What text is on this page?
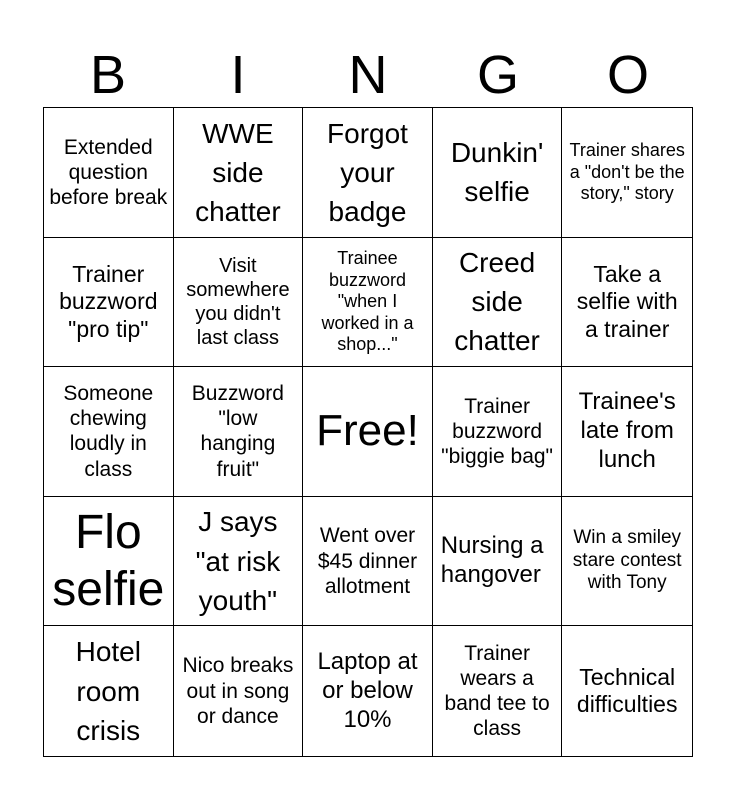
B	I	N	G	O
Extended question before break
WWE side chatter
Forgot your badge
Dunkin' selfie
Trainer shares a "don't be the story," story
Trainer buzzword "pro tip"
Visit somewhere you didn't last class
Trainee buzzword "when I worked in a shop..."
Creed side chatter
Take a selfie with a trainer
Someone chewing loudly in class
Buzzword "low hanging fruit"
Free!	Trainer buzzword "biggie bag"
Trainee's late from lunch
Flo selfie
J says "at risk youth"
Went over $45 dinner allotment
Nursing a hangover
Win a smiley stare contest with Tony
Hotel room crisis
Nico breaks out in song or dance
Laptop at or below 10%
Trainer wears a band tee to class
Technical difficulties
